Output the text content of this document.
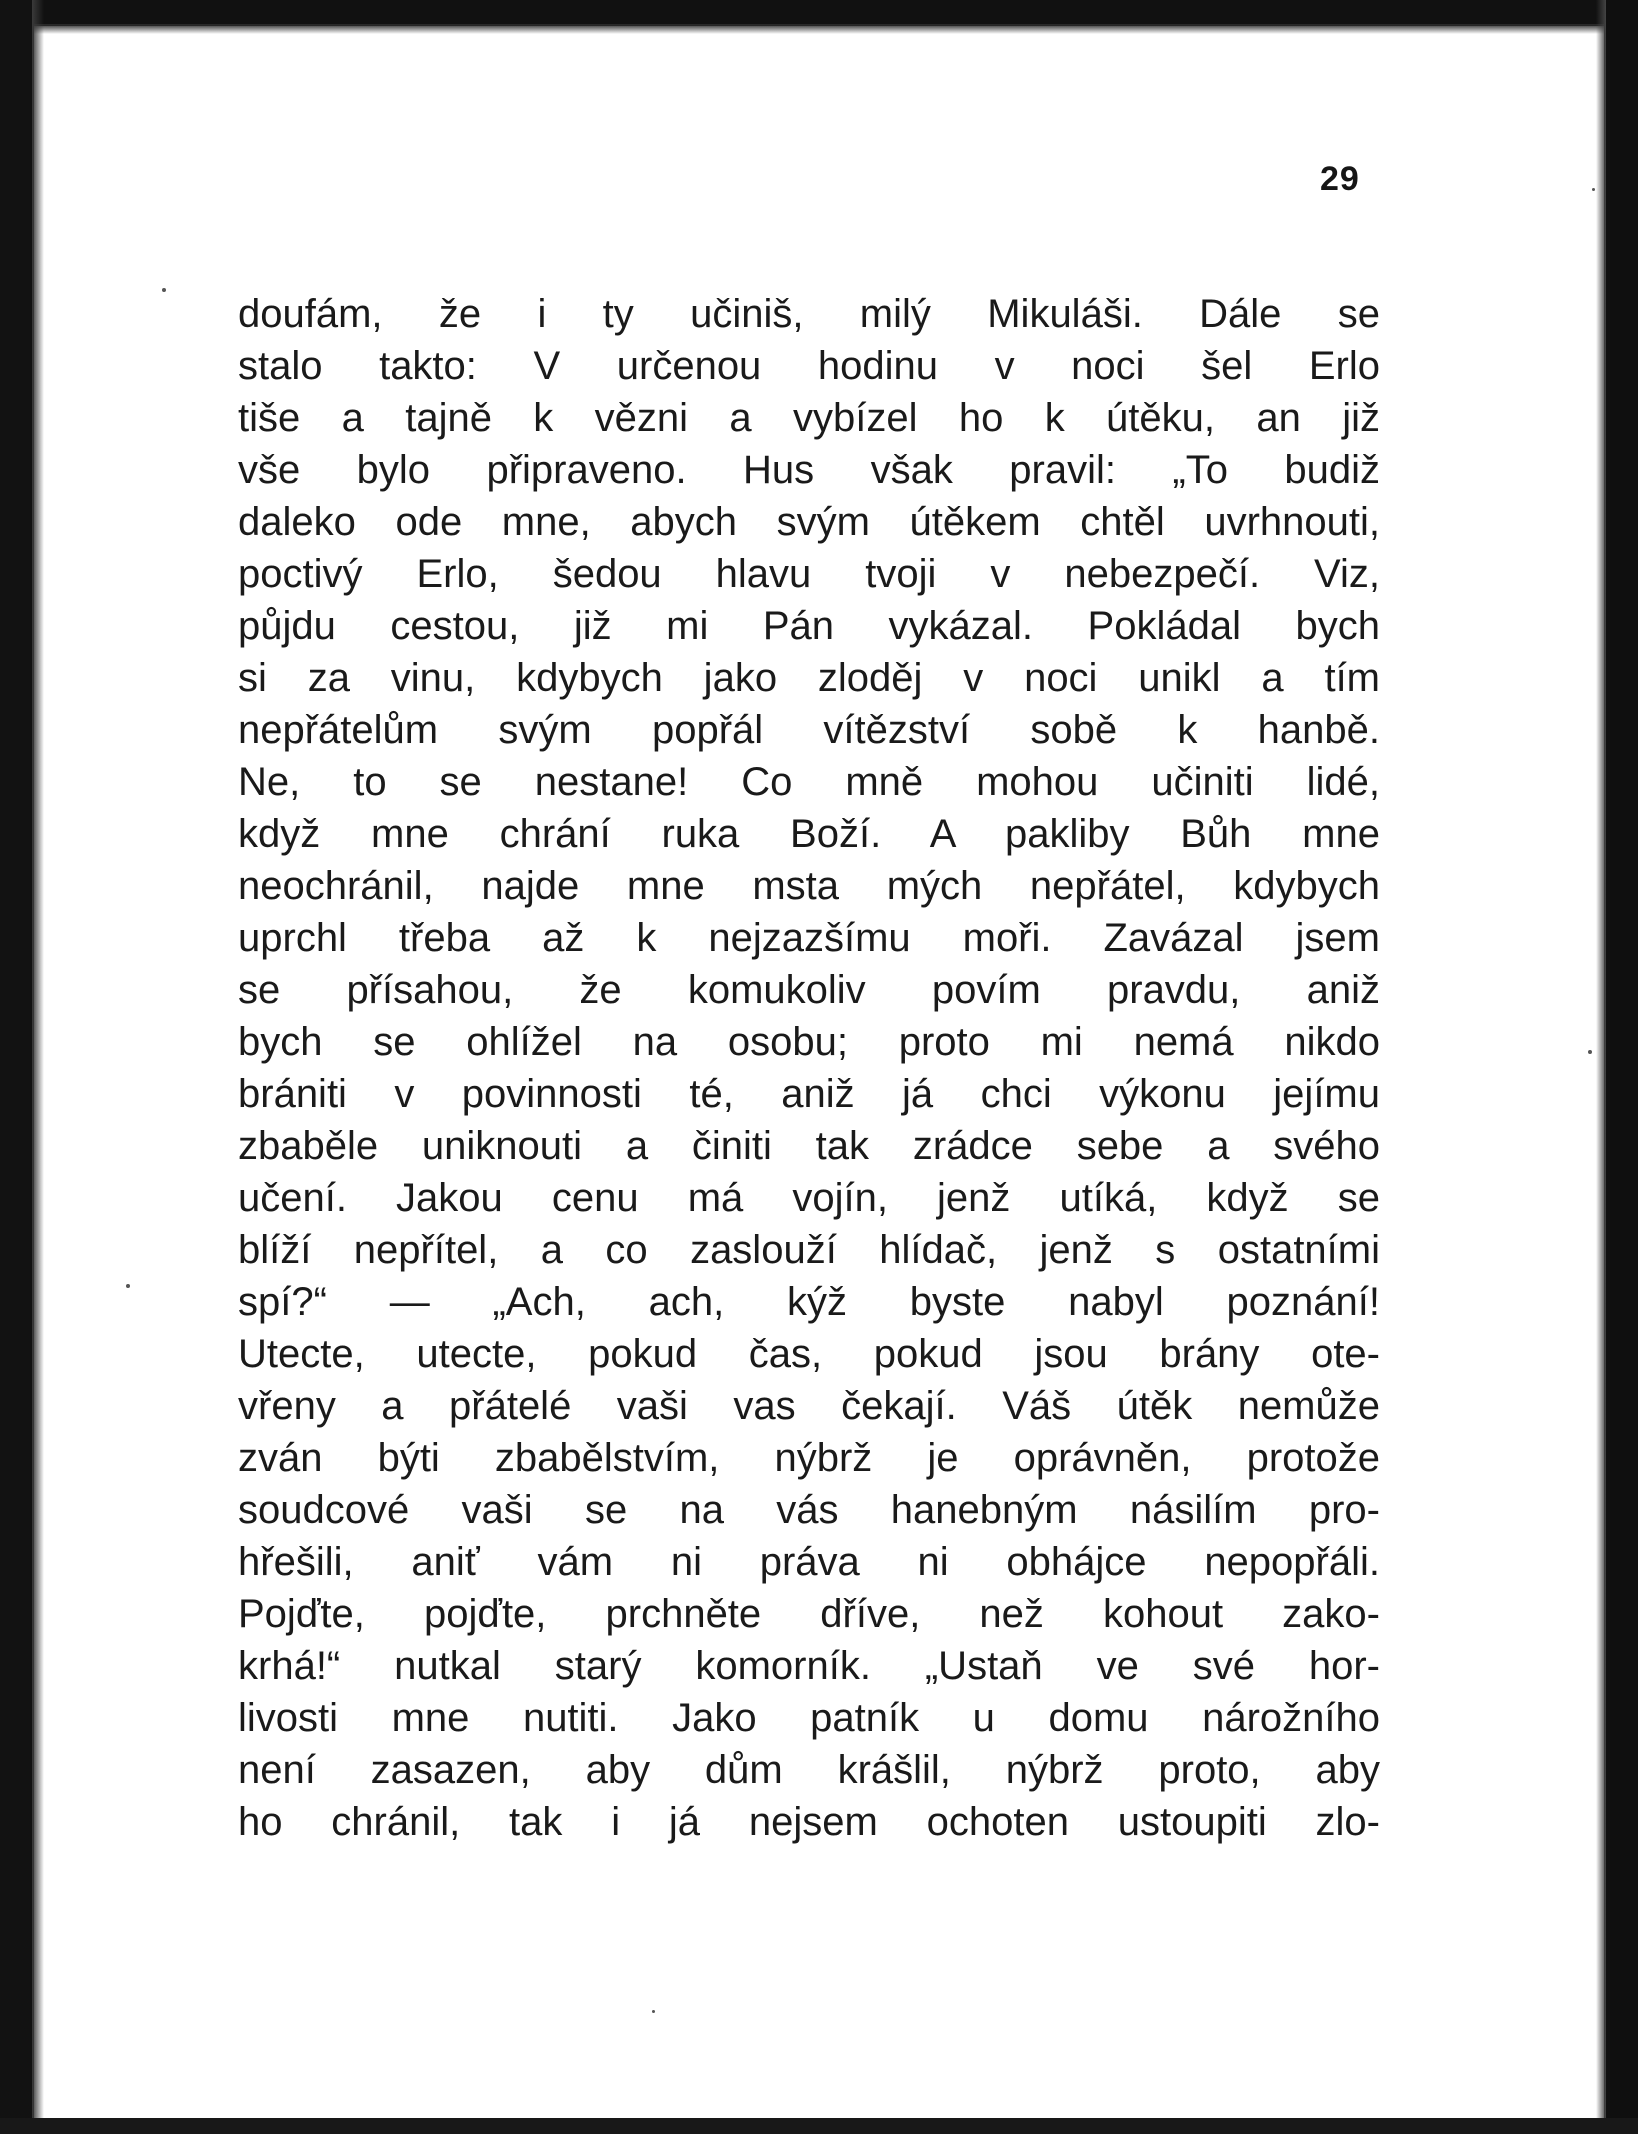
29
doufám, že i ty učiniš, milý Mikuláši. Dále se
stalo takto: V určenou hodinu v noci šel Erlo
tiše a tajně k vězni a vybízel ho k útěku, an již
vše bylo připraveno. Hus však pravil: „To budiž
daleko ode mne, abych svým útěkem chtěl uvrhnouti,
poctivý Erlo, šedou hlavu tvoji v nebezpečí. Viz,
půjdu cestou, již mi Pán vykázal. Pokládal bych
si za vinu, kdybych jako zloděj v noci unikl a tím
nepřátelům svým popřál vítězství sobě k hanbě.
Ne, to se nestane! Co mně mohou učiniti lidé,
když mne chrání ruka Boží. A pakliby Bůh mne
neochránil, najde mne msta mých nepřátel, kdybych
uprchl třeba až k nejzazšímu moři. Zavázal jsem
se přísahou, že komukoliv povím pravdu, aniž
bych se ohlížel na osobu; proto mi nemá nikdo
brániti v povinnosti té, aniž já chci výkonu jejímu
zbaběle uniknouti a činiti tak zrádce sebe a svého
učení. Jakou cenu má vojín, jenž utíká, když se
blíží nepřítel, a co zaslouží hlídač, jenž s ostatními
spí?“ — „Ach, ach, kýž byste nabyl poznání!
Utecte, utecte, pokud čas, pokud jsou brány ote-
vřeny a přátelé vaši vas čekají. Váš útěk nemůže
zván býti zbabělstvím, nýbrž je oprávněn, protože
soudcové vaši se na vás hanebným násilím pro-
hřešili, aniť vám ni práva ni obhájce nepopřáli.
Pojďte, pojďte, prchněte dříve, než kohout zako-
krhá!“ nutkal starý komorník. „Ustaň ve své hor-
livosti mne nutiti. Jako patník u domu nárožního
není zasazen, aby dům krášlil, nýbrž proto, aby
ho chránil, tak i já nejsem ochoten ustoupiti zlo-
